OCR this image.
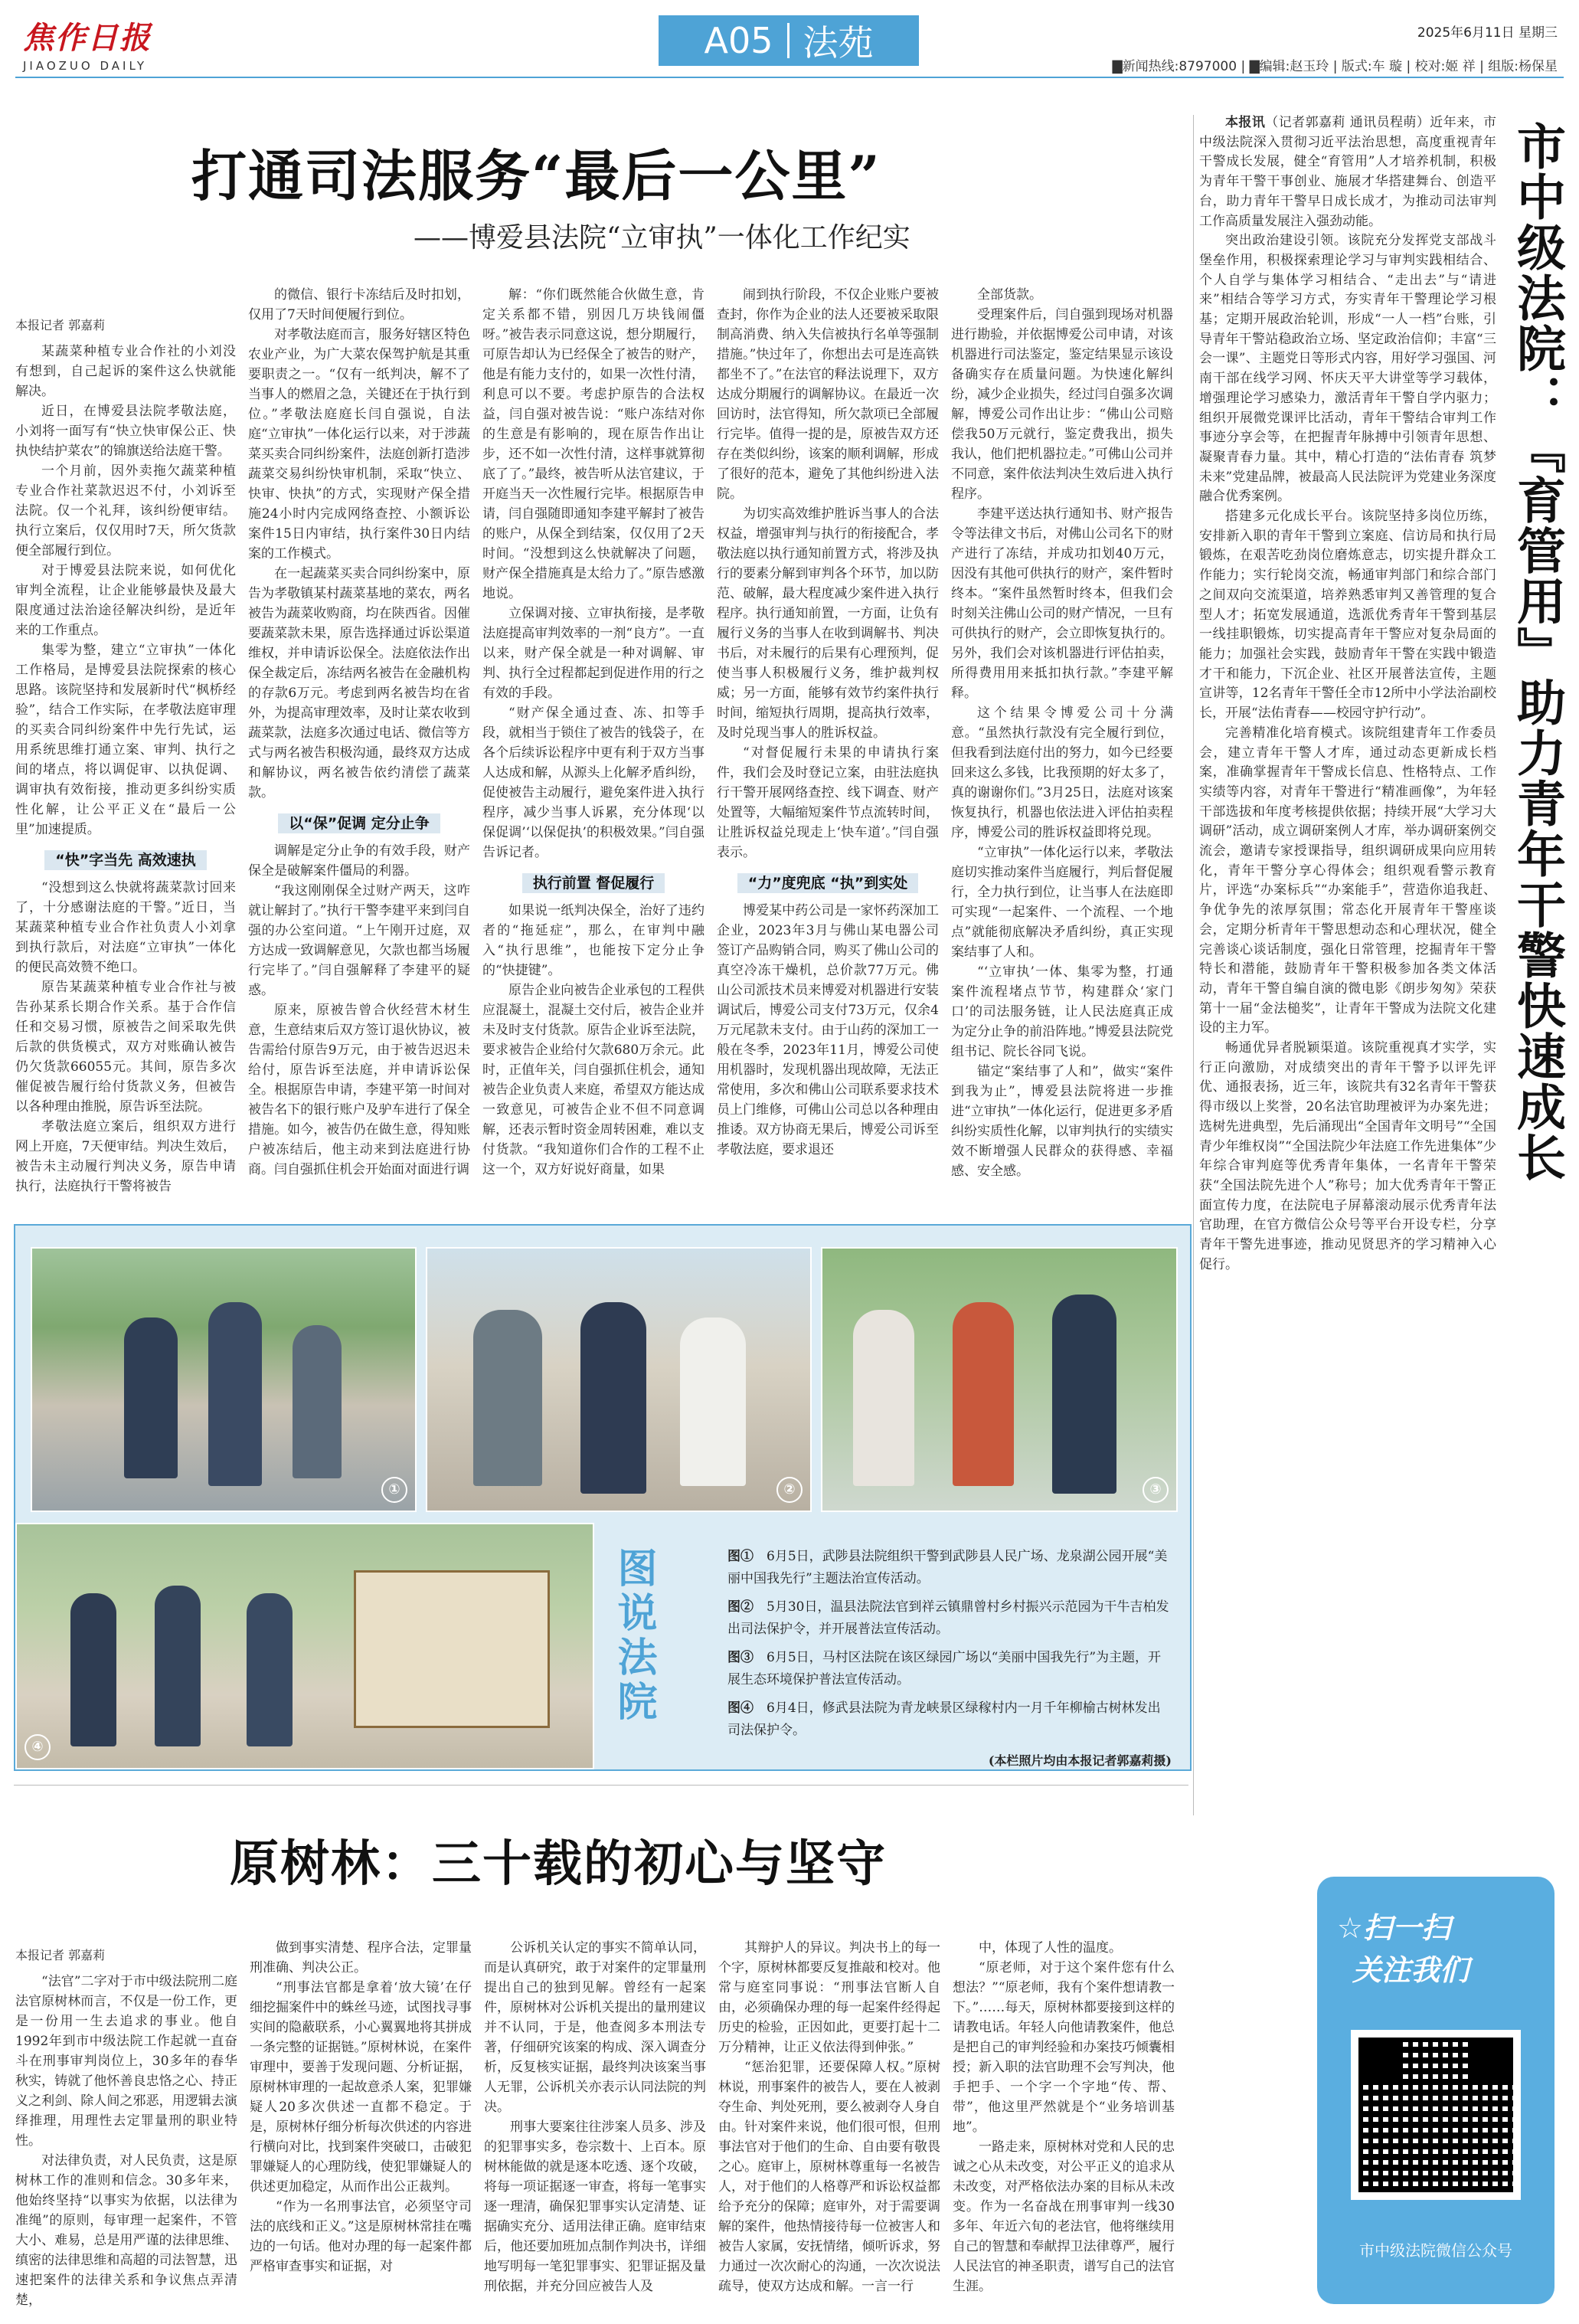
焦作日报
JIAOZUO DAILY
A05 法苑	2025年6月11日 星期三
▇新闻热线:8797000 | ▇编辑:赵玉玲 | 版式:车 璇 | 校对:姬 祥 | 组版:杨保星
打通司法服务“最后一公里”
——博爱县法院“立审执”一体化工作纪实
本报记者 郭嘉莉

某蔬菜种植专业合作社的小刘没有想到，自己起诉的案件这么快就能解决。

近日，在博爱县法院孝敬法庭，小刘将一面写有“快立快审保公正、快执快结护菜农”的锦旗送给法庭干警。

一个月前，因外卖拖欠蔬菜种植专业合作社菜款迟迟不付，小刘诉至法院。仅一个礼拜，该纠纷便审结。执行立案后，仅仅用时7天，所欠货款便全部履行到位。

对于博爱县法院来说，如何优化审判全流程，让企业能够最快及最大限度通过法治途径解决纠纷，是近年来的工作重点。

集零为整，建立“立审执”一体化工作格局，是博爱县法院探索的核心思路。该院坚持和发展新时代“枫桥经验”，结合工作实际，在孝敬法庭审理的买卖合同纠纷案件中先行先试，运用系统思维打通立案、审判、执行之间的堵点，将以调促审、以执促调、调审执有效衔接，推动更多纠纷实质性化解，让公平正义在“最后一公里”加速提质。

“快”字当先 高效速执

“没想到这么快就将蔬菜款讨回来了，十分感谢法庭的干警。”近日，当某蔬菜种植专业合作社负责人小刘拿到执行款后，对法庭“立审执”一体化的便民高效赞不绝口。

原告某蔬菜种植专业合作社与被告孙某系长期合作关系。基于合作信任和交易习惯，原被告之间采取先供后款的供货模式，双方对账确认被告仍欠货款66055元。其间，原告多次催促被告履行给付货款义务，但被告以各种理由推脱，原告诉至法院。

孝敬法庭立案后，组织双方进行网上开庭，7天便审结。判决生效后，被告未主动履行判决义务，原告申请执行，法庭执行干警将被告

的微信、银行卡冻结后及时扣划，仅用了7天时间便履行到位。

对孝敬法庭而言，服务好辖区特色农业产业，为广大菜农保驾护航是其重要职责之一。“仅有一纸判决，解不了当事人的燃眉之急，关键还在于执行到位。”孝敬法庭庭长闫自强说，自法庭“立审执”一体化运行以来，对于涉蔬菜买卖合同纠纷案件，法庭创新打造涉蔬菜交易纠纷快审机制，采取“快立、快审、快执”的方式，实现财产保全措施24小时内完成网络查控、小额诉讼案件15日内审结，执行案件30日内结案的工作模式。

在一起蔬菜买卖合同纠纷案中，原告为孝敬镇某村蔬菜基地的菜农，两名被告为蔬菜收购商，均在陕西省。因催要蔬菜款未果，原告选择通过诉讼渠道维权，并申请诉讼保全。法庭依法作出保全裁定后，冻结两名被告在金融机构的存款6万元。考虑到两名被告均在省外，为提高审理效率，及时让菜农收到蔬菜款，法庭多次通过电话、微信等方式与两名被告积极沟通，最终双方达成和解协议，两名被告依约清偿了蔬菜款。

以“保”促调 定分止争

调解是定分止争的有效手段，财产保全是破解案件僵局的利器。

“我这刚刚保全过财产两天，这咋就让解封了。”执行干警李建平来到闫自强的办公室问道。“上午刚开过庭，双方达成一致调解意见，欠款也都当场履行完毕了。”闫自强解释了李建平的疑惑。

原来，原被告曾合伙经营木材生意，生意结束后双方签订退伙协议，被告需给付原告9万元，由于被告迟迟未给付，原告诉至法庭，并申请诉讼保全。根据原告申请，李建平第一时间对被告名下的银行账户及驴车进行了保全措施。如今，被告仍在做生意，得知账户被冻结后，他主动来到法庭进行协商。闫自强抓住机会开始面对面进行调

解：“你们既然能合伙做生意，肯定关系都不错，别因几万块钱闹僵呀。”被告表示同意这说，想分期履行，可原告却认为已经保全了被告的财产，他是有能力支付的，如果一次性付清，利息可以不要。考虑护原告的合法权益，闫自强对被告说：“账户冻结对你的生意是有影响的，现在原告作出让步，还不如一次性付清，这样事就算彻底了了。”最终，被告听从法官建议，于开庭当天一次性履行完毕。根据原告申请，闫自强随即通知李建平解封了被告的账户，从保全到结案，仅仅用了2天时间。“没想到这么快就解决了问题，财产保全措施真是太给力了。”原告感激地说。

立保调对接、立审执衔接，是孝敬法庭提高审判效率的一剂“良方”。一直以来，财产保全就是一种对调解、审判、执行全过程都起到促进作用的行之有效的手段。

“财产保全通过查、冻、扣等手段，就相当于锁住了被告的钱袋子，在各个后续诉讼程序中更有利于双方当事人达成和解，从源头上化解矛盾纠纷，促使被告主动履行，避免案件进入执行程序，减少当事人诉累，充分体现‘以保促调’‘以保促执’的积极效果。”闫自强告诉记者。

执行前置 督促履行

如果说一纸判决保全，治好了违约者的“拖延症”，那么，在审判中融入“执行思维”，也能按下定分止争的“快捷键”。

原告企业向被告企业承包的工程供应混凝土，混凝土交付后，被告企业并未及时支付货款。原告企业诉至法院，要求被告企业给付欠款680万余元。此时，正值年关，闫自强抓住机会，通知被告企业负责人来庭，希望双方能达成一致意见，可被告企业不但不同意调解，还表示暂时资金周转困难，难以支付货款。“我知道你们合作的工程不止这一个，双方好说好商量，如果

闹到执行阶段，不仅企业账户要被查封，你作为企业的法人还要被采取限制高消费、纳入失信被执行名单等强制措施。”快过年了，你想出去可是连高铁都坐不了。”在法官的释法说理下，双方达成分期履行的调解协议。在最近一次回访时，法官得知，所欠款项已全部履行完毕。值得一提的是，原被告双方还存在类似纠纷，该案的顺利调解，形成了很好的范本，避免了其他纠纷进入法院。

为切实高效维护胜诉当事人的合法权益，增强审判与执行的衔接配合，孝敬法庭以执行通知前置方式，将涉及执行的要素分解到审判各个环节，加以防范、破解，最大程度减少案件进入执行程序。执行通知前置，一方面，让负有履行义务的当事人在收到调解书、判决书后，对未履行的后果有心理预判，促使当事人积极履行义务，维护裁判权威；另一方面，能够有效节约案件执行时间，缩短执行周期，提高执行效率，及时兑现当事人的胜诉权益。

“对督促履行未果的申请执行案件，我们会及时登记立案，由驻法庭执行干警开展网络查控、线下调查、财产处置等，大幅缩短案件节点流转时间，让胜诉权益兑现走上‘快车道’。”闫自强表示。

“力”度兜底 “执”到实处

博爱某中药公司是一家怀药深加工企业，2023年3月与佛山某电器公司签订产品购销合同，购买了佛山公司的真空冷冻干燥机，总价款77万元。佛山公司派技术员来博爱对机器进行安装调试后，博爱公司支付73万元，仅余4万元尾款未支付。由于山药的深加工一般在冬季，2023年11月，博爱公司使用机器时，发现机器出现故障，无法正常使用，多次和佛山公司联系要求技术员上门维修，可佛山公司总以各种理由推诿。双方协商无果后，博爱公司诉至孝敬法庭，要求退还

全部货款。

受理案件后，闫自强到现场对机器进行勘验，并依据博爱公司申请，对该机器进行司法鉴定，鉴定结果显示该设备确实存在质量问题。为快速化解纠纷，减少企业损失，经过闫自强多次调解，博爱公司作出让步：“佛山公司赔偿我50万元就行，鉴定费我出，损失我认，他们把机器拉走。”可佛山公司并不同意，案件依法判决生效后进入执行程序。

李建平送达执行通知书、财产报告令等法律文书后，对佛山公司名下的财产进行了冻结，并成功扣划40万元，因没有其他可供执行的财产，案件暂时终本。“案件虽然暂时终本，但我们会时刻关注佛山公司的财产情况，一旦有可供执行的财产，会立即恢复执行的。另外，我们会对该机器进行评估拍卖，所得费用用来抵扣执行款。”李建平解释。

这个结果令博爱公司十分满意。“虽然执行款没有完全履行到位，但我看到法庭付出的努力，如今已经要回来这么多钱，比我预期的好太多了，真的谢谢你们。”3月25日，法庭对该案恢复执行，机器也依法进入评估拍卖程序，博爱公司的胜诉权益即将兑现。

“立审执”一体化运行以来，孝敬法庭切实推动案件当庭履行，判后督促履行，全力执行到位，让当事人在法庭即可实现“一起案件、一个流程、一个地点”就能彻底解决矛盾纠纷，真正实现案结事了人和。

“‘立审执’一体、集零为整，打通案件流程堵点节节，构建群众‘家门口’的司法服务链，让人民法庭真正成为定分止争的前沿阵地。”博爱县法院党组书记、院长谷同飞说。

锚定“案结事了人和”，做实“案件到我为止”，博爱县法院将进一步推进“立审执”一体化运行，促进更多矛盾纠纷实质性化解，以审判执行的实绩实效不断增强人民群众的获得感、幸福感、安全感。

①	②	③
④
图说法院	图①　 6月5日，武陟县法院组织干警到武陟县人民广场、龙泉湖公园开展“美丽中国我先行”主题法治宣传活动。
图②　 5月30日，温县法院法官到祥云镇鼎曾村乡村振兴示范园为干牛吉柏发出司法保护令，并开展普法宣传活动。
图③　 6月5日，马村区法院在该区绿园广场以“美丽中国我先行”为主题，开展生态环境保护普法宣传活动。
图④　 6月4日，修武县法院为青龙峡景区绿稼村内一月千年柳榆古树林发出司法保护令。
(本栏照片均由本报记者郭嘉莉摄)
市中级法院：『育管用』助力青年干警快速成长

本报讯（记者郭嘉莉 通讯员程萌）近年来，市中级法院深入贯彻习近平法治思想，高度重视青年干警成长发展，健全“育管用”人才培养机制，积极为青年干警干事创业、施展才华搭建舞台、创造平台，助力青年干警早日成长成才，为推动司法审判工作高质量发展注入强劲动能。

突出政治建设引领。该院充分发挥党支部战斗堡垒作用，积极探索理论学习与审判实践相结合、个人自学与集体学习相结合、“走出去”与“请进来”相结合等学习方式，夯实青年干警理论学习根基；定期开展政治轮训，形成“一人一档”台账，引导青年干警站稳政治立场、坚定政治信仰；丰富“三会一课”、主题党日等形式内容，用好学习强国、河南干部在线学习网、怀庆天平大讲堂等学习载体，增强理论学习感染力，激活青年干警自学内驱力；组织开展微党课评比活动，青年干警结合审判工作事迹分享会等，在把握青年脉搏中引领青年思想、凝聚青春力量。其中，精心打造的“法佑青春 筑梦未来”党建品牌，被最高人民法院评为党建业务深度融合优秀案例。

搭建多元化成长平台。该院坚持多岗位历练，安排新入职的青年干警到立案庭、信访局和执行局锻炼，在艰苦吃劲岗位磨炼意志，切实提升群众工作能力；实行轮岗交流，畅通审判部门和综合部门之间双向交流渠道，培养熟悉审判又善管理的复合型人才；拓宽发展通道，选派优秀青年干警到基层一线挂职锻炼，切实提高青年干警应对复杂局面的能力；加强社会实践，鼓励青年干警在实践中锻造才干和能力，下沉企业、社区开展普法宣传，主题宣讲等，12名青年干警任全市12所中小学法治副校长，开展“法佑青春——校园守护行动”。

完善精准化培育模式。该院组建青年工作委员会，建立青年干警人才库，通过动态更新成长档案，准确掌握青年干警成长信息、性格特点、工作实绩等内容，对青年干警进行“精准画像”，为年轻干部选拔和年度考核提供依据；持续开展“大学习大调研”活动，成立调研案例人才库，举办调研案例交流会，邀请专家授课指导，组织调研成果向应用转化，青年干警分享心得体会；组织观看警示教育片，评选“办案标兵”“办案能手”，营造你追我赶、争优争先的浓厚氛围；常态化开展青年干警座谈会，定期分析青年干警思想动态和心理状况，健全完善谈心谈话制度，强化日常管理，挖掘青年干警特长和潜能，鼓励青年干警积极参加各类文体活动，青年干警自编自演的微电影《朗步匆匆》荣获第十一届“金法槌奖”，让青年干警成为法院文化建设的主力军。

畅通优异者脱颖渠道。该院重视真才实学，实行正向激励，对成绩突出的青年干警予以评先评优、通报表扬，近三年，该院共有32名青年干警获得市级以上奖誉，20名法官助理被评为办案先进；选树先进典型，先后涌现出“全国青年文明号”“全国青少年维权岗”“全国法院少年法庭工作先进集体”少年综合审判庭等优秀青年集体，一名青年干警荣获“全国法院先进个人”称号；加大优秀青年干警正面宣传力度，在法院电子屏幕滚动展示优秀青年法官助理，在官方微信公众号等平台开设专栏，分享青年干警先进事迹，推动见贤思齐的学习精神入心促行。

原树林：三十载的初心与坚守
本报记者 郭嘉莉

“法官”二字对于市中级法院刑二庭法官原树林而言，不仅是一份工作，更是一份用一生去追求的事业。他自1992年到市中级法院工作起就一直奋斗在刑事审判岗位上，30多年的春华秋实，铸就了他怀善良忠恪之心、持正义之利剑、除人间之邪恶，用逻辑去演绎推理，用理性去定罪量刑的职业特性。

对法律负责，对人民负责，这是原树林工作的准则和信念。30多年来，他始终坚持“以事实为依据，以法律为准绳”的原则，每审理一起案件，不管大小、难易，总是用严谨的法律思维、缜密的法律思维和高超的司法智慧，迅速把案件的法律关系和争议焦点弄清楚，

做到事实清楚、程序合法，定罪量刑准确、判决公正。

“刑事法官都是拿着‘放大镜’在仔细挖掘案件中的蛛丝马迹，试图找寻事实间的隐蔽联系，小心翼翼地将其拼成一条完整的证据链。”原树林说，在案件审理中，要善于发现问题、分析证据，原树林审理的一起故意杀人案，犯罪嫌疑人20多次供述一直都不稳定。于是，原树林仔细分析每次供述的内容进行横向对比，找到案件突破口，击破犯罪嫌疑人的心理防线，使犯罪嫌疑人的供述更加稳定，从而作出公正裁判。

“作为一名刑事法官，必须坚守司法的底线和正义。”这是原树林常挂在嘴边的一句话。他对办理的每一起案件都严格审查事实和证据，对

公诉机关认定的事实不简单认同，而是认真研究，敢于对案件的定罪量刑提出自己的独到见解。曾经有一起案件，原树林对公诉机关提出的量刑建议并不认同，于是，他查阅多本刑法专著，仔细研究该案的构成、深入调查分析，反复核实证据，最终判决该案当事人无罪，公诉机关亦表示认同法院的判决。

刑事大要案往往涉案人员多、涉及的犯罪事实多，卷宗数十、上百本。原树林能做的就是逐本吃透、逐个攻破，将每一项证据逐一审查，将每一笔事实逐一理清，确保犯罪事实认定清楚、证据确实充分、适用法律正确。庭审结束后，他还要加班加点制作判决书，详细地写明每一笔犯罪事实、犯罪证据及量刑依据，并充分回应被告人及

其辩护人的异议。判决书上的每一个字，原树林都要反复推敲和校对。他常与庭室同事说：“刑事法官断人自由，必须确保办理的每一起案件经得起历史的检验，正因如此，更要打起十二万分精神，让正义依法得到伸张。”

“惩治犯罪，还要保障人权。”原树林说，刑事案件的被告人，要在人被剥夺生命、判处死刑，要么被剥夺人身自由。针对案件来说，他们很可恨，但刑事法官对于他们的生命、自由要有敬畏之心。庭审上，原树林尊重每一名被告人，对于他们的人格尊严和诉讼权益都给予充分的保障；庭审外，对于需要调解的案件，他热情接待每一位被害人和被告人家属，安抚情绪，倾听诉求，努力通过一次次耐心的沟通，一次次说法疏导，使双方达成和解。一言一行

中，体现了人性的温度。

“原老师，对于这个案件您有什么想法？”“原老师，我有个案件想请教一下。”……每天，原树林都要接到这样的请教电话。年轻人向他请教案件，他总是把自己的审判经验和办案技巧倾囊相授；新入职的法官助理不会写判决，他手把手、一个字一个字地“传、帮、带”，他这里严然就是个“业务培训基地”。

一路走来，原树林对党和人民的忠诚之心从未改变，对公平正义的追求从未改变，对严格依法办案的目标从未改变。作为一名奋战在刑事审判一线30多年、年近六旬的老法官，他将继续用自己的智慧和奉献捍卫法律尊严，履行人民法官的神圣职责，谱写自己的法官生涯。

☆扫一扫
关注我们
市中级法院微信公众号
